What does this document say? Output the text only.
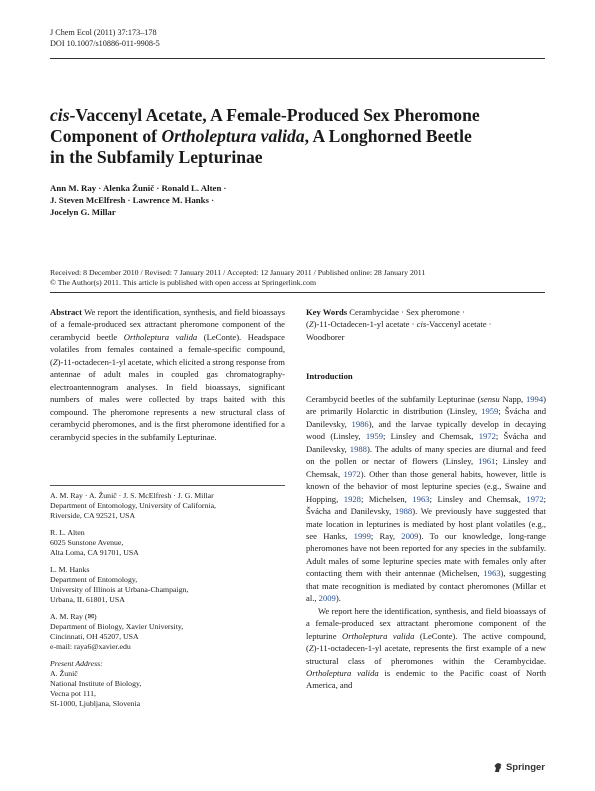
J Chem Ecol (2011) 37:173–178
DOI 10.1007/s10886-011-9908-5
cis-Vaccenyl Acetate, A Female-Produced Sex Pheromone
Component of Ortholeptura valida, A Longhorned Beetle
in the Subfamily Lepturinae
Ann M. Ray · Alenka Žunič · Ronald L. Alten ·
J. Steven McElfresh · Lawrence M. Hanks ·
Jocelyn G. Millar
Received: 8 December 2010 / Revised: 7 January 2011 / Accepted: 12 January 2011 / Published online: 28 January 2011
© The Author(s) 2011. This article is published with open access at Springerlink.com
Abstract We report the identification, synthesis, and field bioassays of a female-produced sex attractant pheromone component of the cerambycid beetle Ortholeptura valida (LeConte). Headspace volatiles from females contained a female-specific compound, (Z)-11-octadecen-1-yl acetate, which elicited a strong response from antennae of adult males in coupled gas chromatography-electroantennogram analyses. In field bioassays, significant numbers of males were collected by traps baited with this compound. The pheromone represents a new structural class of cerambycid pheromones, and is the first pheromone identified for a cerambycid species in the subfamily Lepturinae.
A. M. Ray · A. Žunič · J. S. McElfresh · J. G. Millar
Department of Entomology, University of California,
Riverside, CA 92521, USA
R. L. Alten
6025 Sunstone Avenue,
Alta Loma, CA 91701, USA
L. M. Hanks
Department of Entomology,
University of Illinois at Urbana-Champaign,
Urbana, IL 61801, USA
A. M. Ray (✉)
Department of Biology, Xavier University,
Cincinnati, OH 45207, USA
e-mail: raya6@xavier.edu
Present Address:
A. Žunič
National Institute of Biology,
Vecna pot 111,
SI-1000, Ljubljana, Slovenia
Key Words Cerambycidae · Sex pheromone ·
(Z)-11-Octadecen-1-yl acetate · cis-Vaccenyl acetate ·
Woodborer
Introduction
Cerambycid beetles of the subfamily Lepturinae (sensu Napp, 1994) are primarily Holarctic in distribution (Linsley, 1959; Švácha and Danilevsky, 1986), and the larvae typically develop in decaying wood (Linsley, 1959; Linsley and Chemsak, 1972; Švácha and Danilevsky, 1988). The adults of many species are diurnal and feed on the pollen or nectar of flowers (Linsley, 1961; Linsley and Chemsak, 1972). Other than those general habits, however, little is known of the behavior of most lepturine species (e.g., Swaine and Hopping, 1928; Michelsen, 1963; Linsley and Chemsak, 1972; Švácha and Danilevsky, 1988). We previously have suggested that mate location in lepturines is mediated by host plant volatiles (e.g., see Hanks, 1999; Ray, 2009). To our knowledge, long-range pheromones have not been reported for any species in the subfamily. Adult males of some lepturine species mate with females only after contacting them with their antennae (Michelsen, 1963), suggesting that mate recognition is mediated by contact pheromones (Millar et al., 2009).
We report here the identification, synthesis, and field bioassays of a female-produced sex attractant pheromone component of the lepturine Ortholeptura valida (LeConte). The active compound, (Z)-11-octadecen-1-yl acetate, represents the first example of a new structural class of pheromones within the Cerambycidae. Ortholeptura valida is endemic to the Pacific coast of North America, and
Springer
